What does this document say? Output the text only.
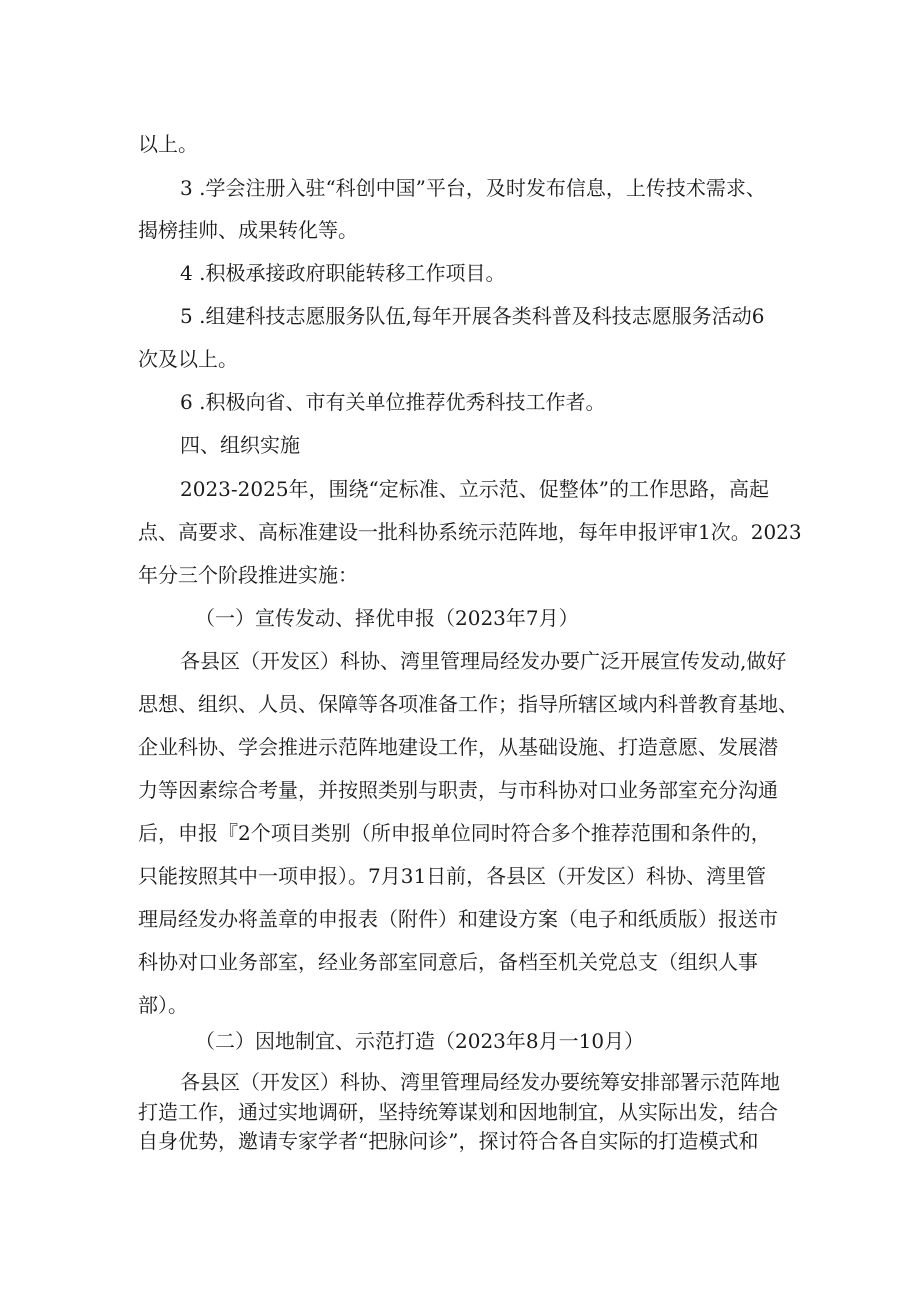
以上。

3 .学会注册入驻“科创中国”平台，及时发布信息，上传技术需求、

揭榜挂帅、成果转化等。

4 .积极承接政府职能转移工作项目。

5 .组建科技志愿服务队伍,每年开展各类科普及科技志愿服务活动6

次及以上。

6 .积极向省、市有关单位推荐优秀科技工作者。

四、组织实施

2023-2025年，围绕“定标准、立示范、促整体”的工作思路，高起

点、高要求、高标准建设一批科协系统示范阵地，每年申报评审1次。2023

年分三个阶段推进实施：

（一）宣传发动、择优申报（2023年7月）

各县区（开发区）科协、湾里管理局经发办要广泛开展宣传发动,做好

思想、组织、人员、保障等各项准备工作；指导所辖区域内科普教育基地、

企业科协、学会推进示范阵地建设工作，从基础设施、打造意愿、发展潜

力等因素综合考量，并按照类别与职责，与市科协对口业务部室充分沟通

后，申报『2个项目类别（所申报单位同时符合多个推荐范围和条件的，

只能按照其中一项申报）。7月31日前，各县区（开发区）科协、湾里管

理局经发办将盖章的申报表（附件）和建设方案（电子和纸质版）报送市

科协对口业务部室，经业务部室同意后，备档至机关党总支（组织人事

部）。

（二）因地制宜、示范打造（2023年8月一10月）

各县区（开发区）科协、湾里管理局经发办要统筹安排部署示范阵地

打造工作，通过实地调研，坚持统筹谋划和因地制宜，从实际出发，结合

自身优势，邀请专家学者“把脉问诊”，探讨符合各自实际的打造模式和
